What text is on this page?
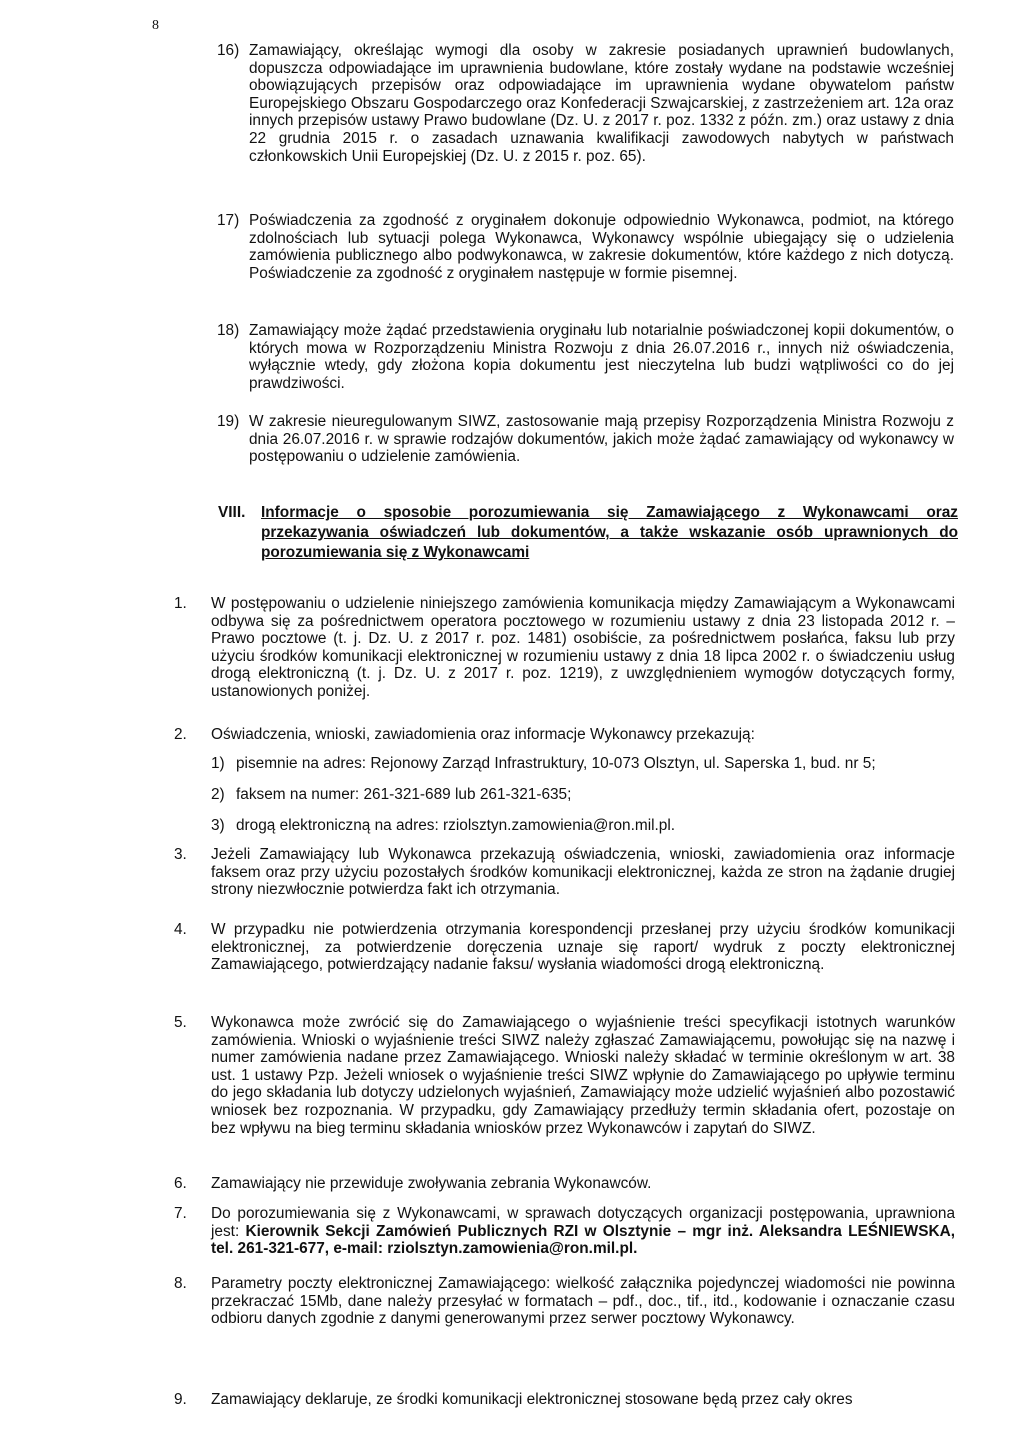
8
16) Zamawiający, określając wymogi dla osoby w zakresie posiadanych uprawnień budowlanych, dopuszcza odpowiadające im uprawnienia budowlane, które zostały wydane na podstawie wcześniej obowiązujących przepisów oraz odpowiadające im uprawnienia wydane obywatelom państw Europejskiego Obszaru Gospodarczego oraz Konfederacji Szwajcarskiej, z zastrzeżeniem art. 12a oraz innych przepisów ustawy Prawo budowlane (Dz. U. z 2017 r. poz. 1332 z późn. zm.) oraz ustawy z dnia 22 grudnia 2015 r. o zasadach uznawania kwalifikacji zawodowych nabytych w państwach członkowskich Unii Europejskiej (Dz. U. z 2015 r. poz. 65).
17) Poświadczenia za zgodność z oryginałem dokonuje odpowiednio Wykonawca, podmiot, na którego zdolnościach lub sytuacji polega Wykonawca, Wykonawcy wspólnie ubiegający się o udzielenia zamówienia publicznego albo podwykonawca, w zakresie dokumentów, które każdego z nich dotyczą. Poświadczenie za zgodność z oryginałem następuje w formie pisemnej.
18) Zamawiający może żądać przedstawienia oryginału lub notarialnie poświadczonej kopii dokumentów, o których mowa w Rozporządzeniu Ministra Rozwoju z dnia 26.07.2016 r., innych niż oświadczenia, wyłącznie wtedy, gdy złożona kopia dokumentu jest nieczytelna lub budzi wątpliwości co do jej prawdziwości.
19) W zakresie nieuregulowanym SIWZ, zastosowanie mają przepisy Rozporządzenia Ministra Rozwoju z dnia 26.07.2016 r. w sprawie rodzajów dokumentów, jakich może żądać zamawiający od wykonawcy w postępowaniu o udzielenie zamówienia.
VIII. Informacje o sposobie porozumiewania się Zamawiającego z Wykonawcami oraz przekazywania oświadczeń lub dokumentów, a także wskazanie osób uprawnionych do porozumiewania się z Wykonawcami
1. W postępowaniu o udzielenie niniejszego zamówienia komunikacja między Zamawiającym a Wykonawcami odbywa się za pośrednictwem operatora pocztowego w rozumieniu ustawy z dnia 23 listopada 2012 r. – Prawo pocztowe (t. j. Dz. U. z 2017 r. poz. 1481) osobiście, za pośrednictwem posłańca, faksu lub przy użyciu środków komunikacji elektronicznej w rozumieniu ustawy z dnia 18 lipca 2002 r. o świadczeniu usług drogą elektroniczną (t. j. Dz. U. z 2017 r. poz. 1219), z uwzględnieniem wymogów dotyczących formy, ustanowionych poniżej.
2. Oświadczenia, wnioski, zawiadomienia oraz informacje Wykonawcy przekazują:
1) pisemnie na adres: Rejonowy Zarząd Infrastruktury, 10-073 Olsztyn, ul. Saperska 1, bud. nr 5;
2) faksem na numer: 261-321-689 lub 261-321-635;
3) drogą elektroniczną na adres: rziolsztyn.zamowienia@ron.mil.pl.
3. Jeżeli Zamawiający lub Wykonawca przekazują oświadczenia, wnioski, zawiadomienia oraz informacje faksem oraz przy użyciu pozostałych środków komunikacji elektronicznej, każda ze stron na żądanie drugiej strony niezwłocznie potwierdza fakt ich otrzymania.
4. W przypadku nie potwierdzenia otrzymania korespondencji przesłanej przy użyciu środków komunikacji elektronicznej, za potwierdzenie doręczenia uznaje się raport/ wydruk z poczty elektronicznej Zamawiającego, potwierdzający nadanie faksu/ wysłania wiadomości drogą elektroniczną.
5. Wykonawca może zwrócić się do Zamawiającego o wyjaśnienie treści specyfikacji istotnych warunków zamówienia. Wnioski o wyjaśnienie treści SIWZ należy zgłaszać Zamawiającemu, powołując się na nazwę i numer zamówienia nadane przez Zamawiającego. Wnioski należy składać w terminie określonym w art. 38 ust. 1 ustawy Pzp. Jeżeli wniosek o wyjaśnienie treści SIWZ wpłynie do Zamawiającego po upływie terminu do jego składania lub dotyczy udzielonych wyjaśnień, Zamawiający może udzielić wyjaśnień albo pozostawić wniosek bez rozpoznania. W przypadku, gdy Zamawiający przedłuży termin składania ofert, pozostaje on bez wpływu na bieg terminu składania wniosków przez Wykonawców i zapytań do SIWZ.
6. Zamawiający nie przewiduje zwoływania zebrania Wykonawców.
7. Do porozumiewania się z Wykonawcami, w sprawach dotyczących organizacji postępowania, uprawniona jest: Kierownik Sekcji Zamówień Publicznych RZI w Olsztynie – mgr inż. Aleksandra LEŚNIEWSKA, tel. 261-321-677, e-mail: rziolsztyn.zamowienia@ron.mil.pl.
8. Parametry poczty elektronicznej Zamawiającego: wielkość załącznika pojedynczej wiadomości nie powinna przekraczać 15Mb, dane należy przesyłać w formatach – pdf., doc., tif., itd., kodowanie i oznaczanie czasu odbioru danych zgodnie z danymi generowanymi przez serwer pocztowy Wykonawcy.
9. Zamawiający deklaruje, ze środki komunikacji elektronicznej stosowane będą przez cały okres
